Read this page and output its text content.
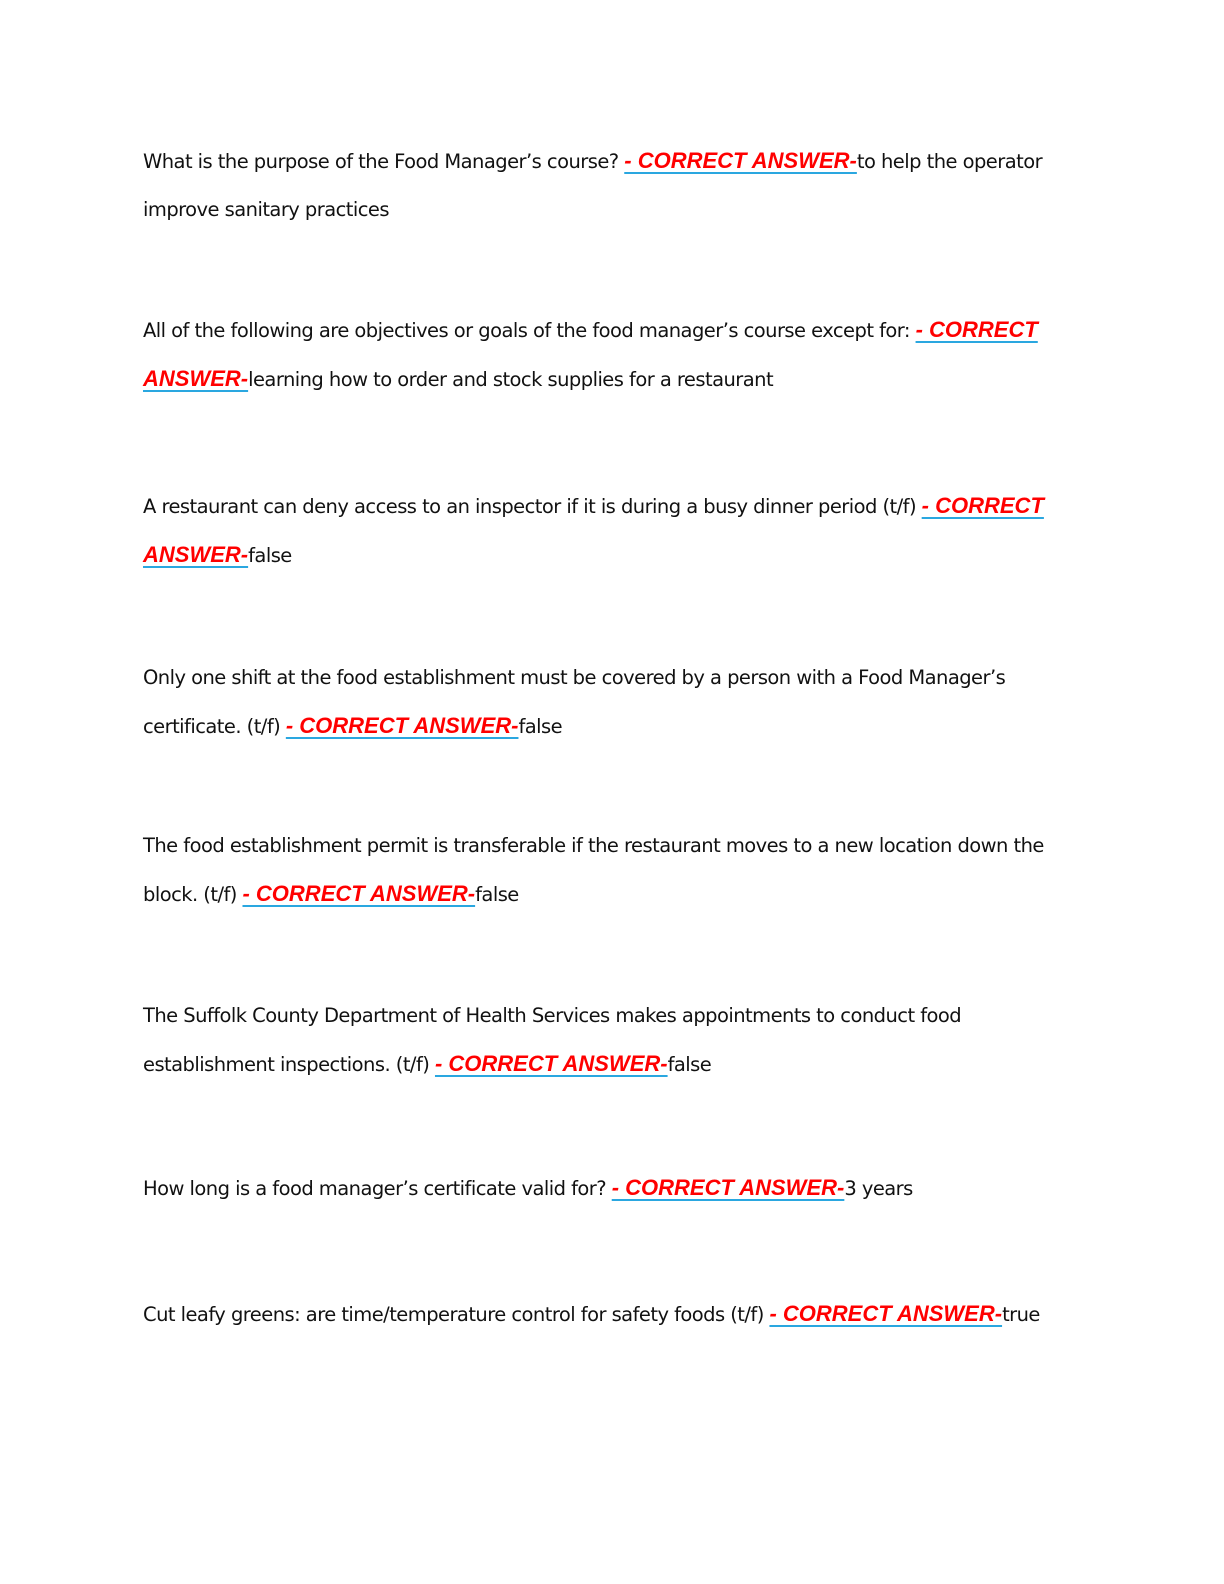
What is the purpose of the Food Manager’s course? - CORRECT ANSWER-to help the operator improve sanitary practices

All of the following are objectives or goals of the food manager’s course except for: - CORRECT ANSWER-learning how to order and stock supplies for a restaurant

A restaurant can deny access to an inspector if it is during a busy dinner period (t/f) - CORRECT ANSWER-false

Only one shift at the food establishment must be covered by a person with a Food Manager’s certificate. (t/f) - CORRECT ANSWER-false

The food establishment permit is transferable if the restaurant moves to a new location down the block. (t/f) - CORRECT ANSWER-false

The Suffolk County Department of Health Services makes appointments to conduct food establishment inspections. (t/f) - CORRECT ANSWER-false

How long is a food manager’s certificate valid for? - CORRECT ANSWER-3 years

Cut leafy greens: are time/temperature control for safety foods (t/f) - CORRECT ANSWER-true
